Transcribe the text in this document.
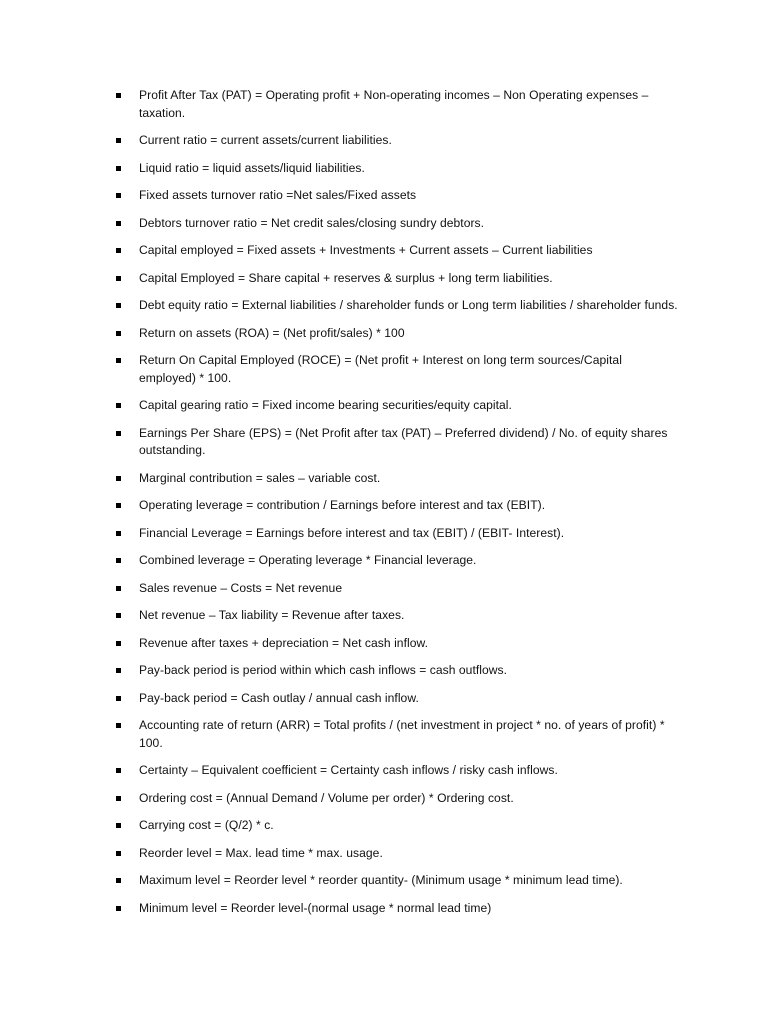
Profit After Tax (PAT) = Operating profit + Non-operating incomes – Non Operating expenses – taxation.
Current ratio = current assets/current liabilities.
Liquid ratio = liquid assets/liquid liabilities.
Fixed assets turnover ratio =Net sales/Fixed assets
Debtors turnover ratio = Net credit sales/closing sundry debtors.
Capital employed = Fixed assets + Investments + Current assets – Current liabilities
Capital Employed = Share capital + reserves & surplus + long term liabilities.
Debt equity ratio = External liabilities / shareholder funds or Long term liabilities / shareholder funds.
Return on assets (ROA) = (Net profit/sales) * 100
Return On Capital Employed (ROCE) = (Net profit + Interest on long term sources/Capital employed) * 100.
Capital gearing ratio = Fixed income bearing securities/equity capital.
Earnings Per Share (EPS) = (Net Profit after tax (PAT) – Preferred dividend) / No. of equity shares outstanding.
Marginal contribution = sales – variable cost.
Operating leverage = contribution / Earnings before interest and tax (EBIT).
Financial Leverage = Earnings before interest and tax (EBIT) / (EBIT- Interest).
Combined leverage = Operating leverage * Financial leverage.
Sales revenue – Costs = Net revenue
Net revenue – Tax liability = Revenue after taxes.
Revenue after taxes + depreciation = Net cash inflow.
Pay-back period is period within which cash inflows = cash outflows.
Pay-back period = Cash outlay / annual cash inflow.
Accounting rate of return (ARR) = Total profits / (net investment in project * no. of years of profit) * 100.
Certainty – Equivalent coefficient = Certainty cash inflows / risky cash inflows.
Ordering cost = (Annual Demand / Volume per order) * Ordering cost.
Carrying cost = (Q/2) * c.
Reorder level = Max. lead time * max. usage.
Maximum level = Reorder level * reorder quantity- (Minimum usage * minimum lead time).
Minimum level = Reorder level-(normal usage * normal lead time)
